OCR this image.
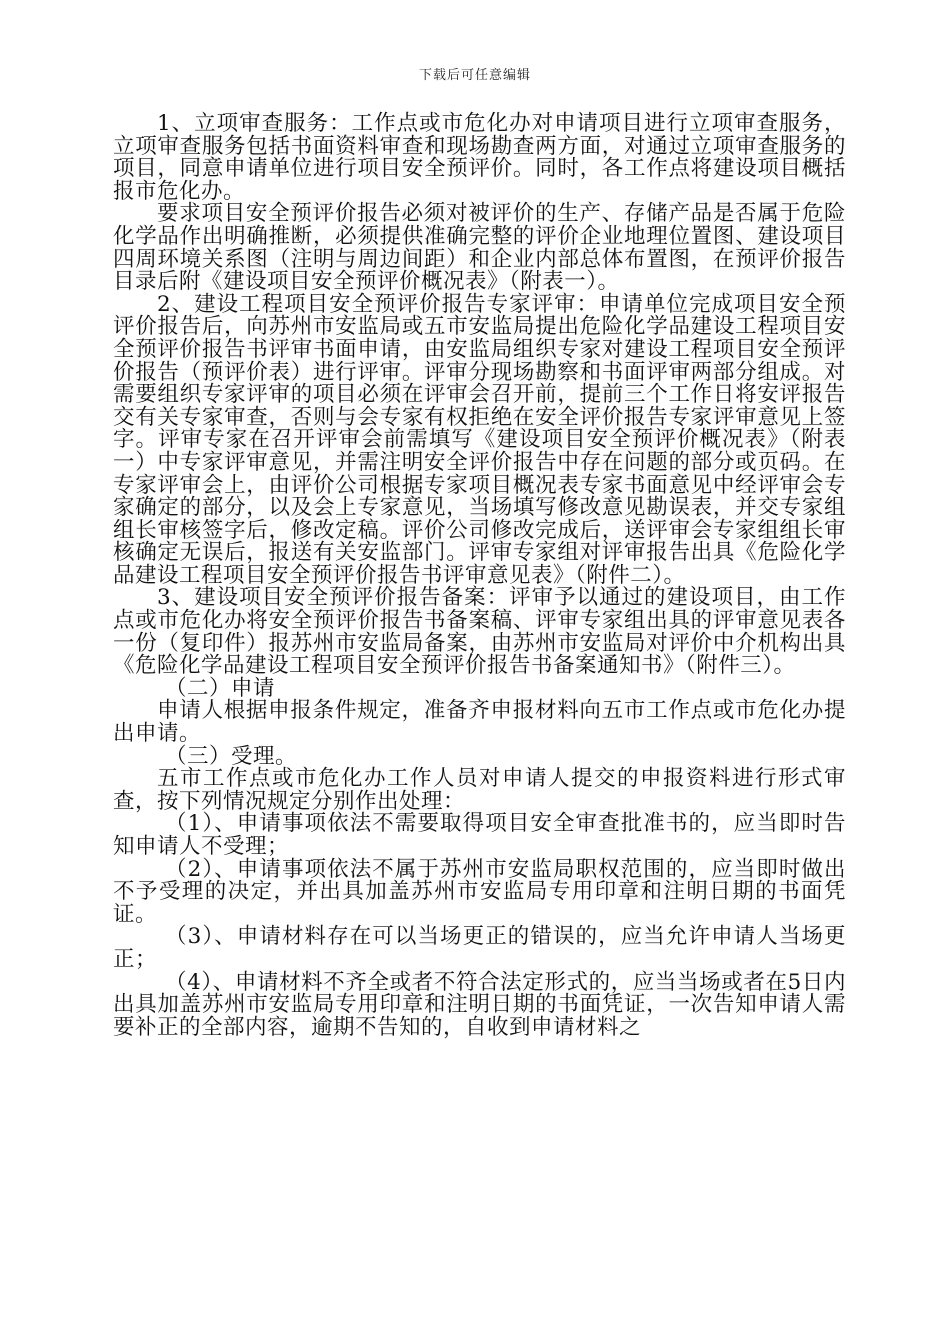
下载后可任意编辑

1、立项审查服务：工作点或市危化办对申请项目进行立项审查服务，立项审查服务包括书面资料审查和现场勘查两方面，对通过立项审查服务的项目，同意申请单位进行项目安全预评价。同时，各工作点将建设项目概括报市危化办。

要求项目安全预评价报告必须对被评价的生产、存储产品是否属于危险化学品作出明确推断，必须提供准确完整的评价企业地理位置图、建设项目四周环境关系图（注明与周边间距）和企业内部总体布置图，在预评价报告目录后附《建设项目安全预评价概况表》（附表一）。

2、建设工程项目安全预评价报告专家评审：申请单位完成项目安全预评价报告后，向苏州市安监局或五市安监局提出危险化学品建设工程项目安全预评价报告书评审书面申请，由安监局组织专家对建设工程项目安全预评价报告（预评价表）进行评审。评审分现场勘察和书面评审两部分组成。对需要组织专家评审的项目必须在评审会召开前，提前三个工作日将安评报告交有关专家审查，否则与会专家有权拒绝在安全评价报告专家评审意见上签字。评审专家在召开评审会前需填写《建设项目安全预评价概况表》（附表一）中专家评审意见，并需注明安全评价报告中存在问题的部分或页码。在专家评审会上，由评价公司根据专家项目概况表专家书面意见中经评审会专家确定的部分，以及会上专家意见，当场填写修改意见勘误表，并交专家组组长审核签字后，修改定稿。评价公司修改完成后，送评审会专家组组长审核确定无误后，报送有关安监部门。评审专家组对评审报告出具《危险化学品建设工程项目安全预评价报告书评审意见表》（附件二）。

3、建设项目安全预评价报告备案：评审予以通过的建设项目，由工作点或市危化办将安全预评价报告书备案稿、评审专家组出具的评审意见表各一份（复印件）报苏州市安监局备案，由苏州市安监局对评价中介机构出具《危险化学品建设工程项目安全预评价报告书备案通知书》（附件三）。

（二）申请

申请人根据申报条件规定，准备齐申报材料向五市工作点或市危化办提出申请。

（三）受理。

五市工作点或市危化办工作人员对申请人提交的申报资料进行形式审查，按下列情况规定分别作出处理：

（1）、申请事项依法不需要取得项目安全审查批准书的，应当即时告知申请人不受理；

（2）、申请事项依法不属于苏州市安监局职权范围的，应当即时做出不予受理的决定，并出具加盖苏州市安监局专用印章和注明日期的书面凭证。

（3）、申请材料存在可以当场更正的错误的，应当允许申请人当场更正；

（4）、申请材料不齐全或者不符合法定形式的，应当当场或者在5日内出具加盖苏州市安监局专用印章和注明日期的书面凭证，一次告知申请人需要补正的全部内容，逾期不告知的，自收到申请材料之
